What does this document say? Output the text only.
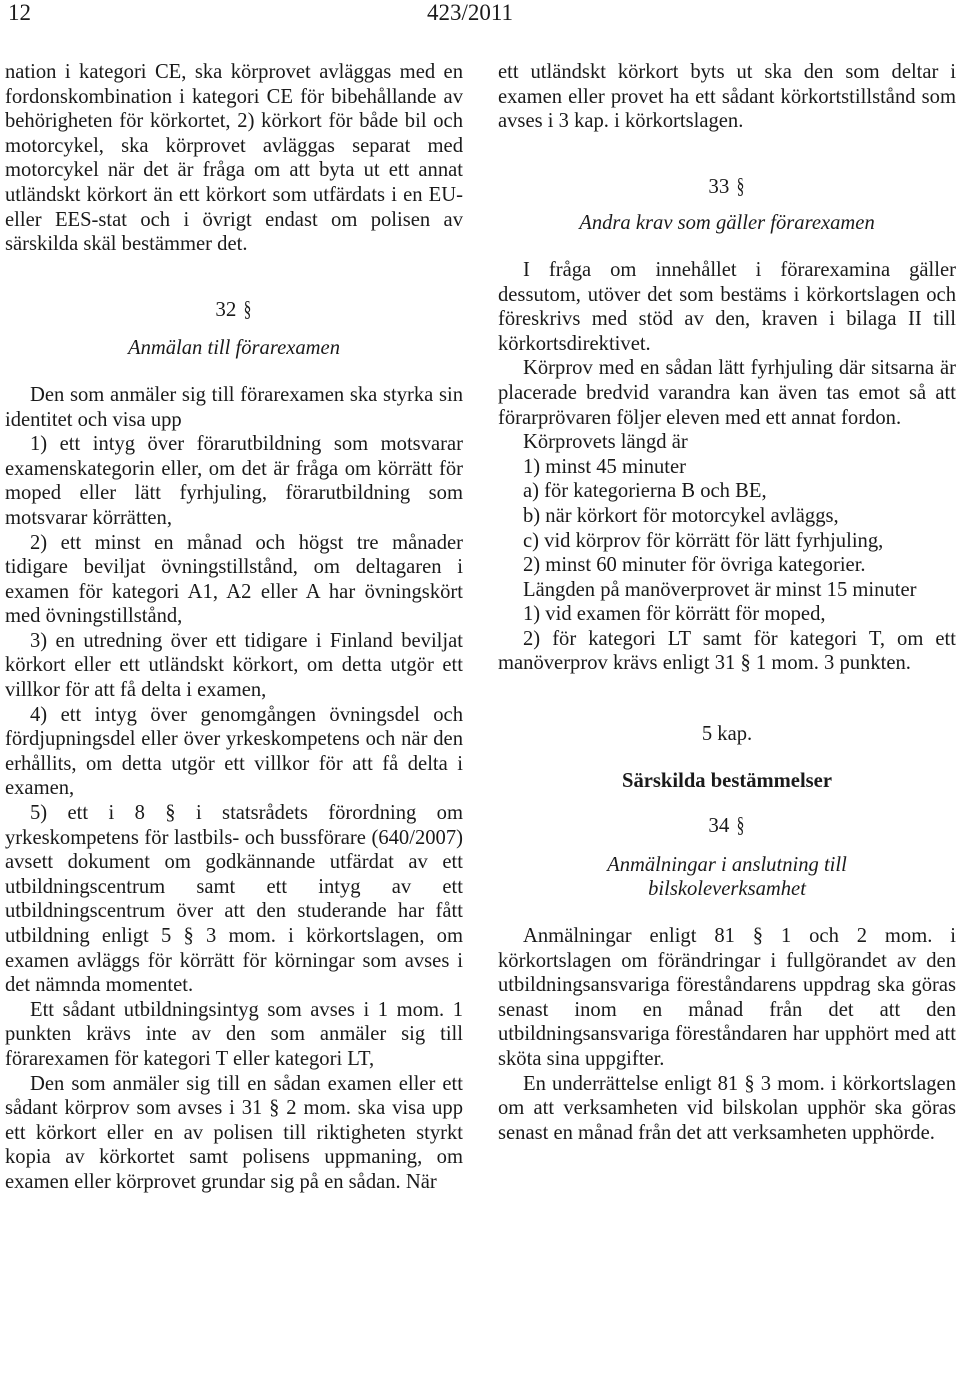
12	423/2011

nation i kategori CE, ska körprovet avläggas med en fordonskombination i kategori CE för bibehållande av behörigheten för körkortet, 2) körkort för både bil och motorcykel, ska körprovet avläggas separat med motorcykel när det är fråga om att byta ut ett annat utländskt körkort än ett körkort som utfärdats i en EU- eller EES-stat och i övrigt endast om polisen av särskilda skäl bestämmer det.

32 §
Anmälan till förarexamen

Den som anmäler sig till förarexamen ska styrka sin identitet och visa upp

1) ett intyg över förarutbildning som motsvarar examenskategorin eller, om det är fråga om körrätt för moped eller lätt fyrhjuling, förarutbildning som motsvarar körrätten,

2) ett minst en månad och högst tre månader tidigare beviljat övningstillstånd, om deltagaren i examen för kategori A1, A2 eller A har övningskört med övningstillstånd,

3) en utredning över ett tidigare i Finland beviljat körkort eller ett utländskt körkort, om detta utgör ett villkor för att få delta i examen,

4) ett intyg över genomgången övningsdel och fördjupningsdel eller över yrkeskompetens och när den erhållits, om detta utgör ett villkor för att få delta i examen,

5) ett i 8 § i statsrådets förordning om yrkeskompetens för lastbils- och bussförare (640/2007) avsett dokument om godkännande utfärdat av ett utbildningscentrum samt ett intyg av ett utbildningscentrum över att den studerande har fått utbildning enligt 5 § 3 mom. i körkortslagen, om examen avläggs för körrätt för körningar som avses i det nämnda momentet.

Ett sådant utbildningsintyg som avses i 1 mom. 1 punkten krävs inte av den som anmäler sig till förarexamen för kategori T eller kategori LT,

Den som anmäler sig till en sådan examen eller ett sådant körprov som avses i 31 § 2 mom. ska visa upp ett körkort eller en av polisen till riktigheten styrkt kopia av körkortet samt polisens uppmaning, om examen eller körprovet grundar sig på en sådan. När

ett utländskt körkort byts ut ska den som deltar i examen eller provet ha ett sådant körkortstillstånd som avses i 3 kap. i körkortslagen.

33 §
Andra krav som gäller förarexamen

I fråga om innehållet i förarexamina gäller dessutom, utöver det som bestäms i körkortslagen och föreskrivs med stöd av den, kraven i bilaga II till körkortsdirektivet.

Körprov med en sådan lätt fyrhjuling där sitsarna är placerade bredvid varandra kan även tas emot så att förarprövaren följer eleven med ett annat fordon.

Körprovets längd är

1) minst 45 minuter

a) för kategorierna B och BE,

b) när körkort för motorcykel avläggs,

c) vid körprov för körrätt för lätt fyrhjuling,

2) minst 60 minuter för övriga kategorier.

Längden på manöverprovet är minst 15 minuter

1) vid examen för körrätt för moped,

2) för kategori LT samt för kategori T, om ett manöverprov krävs enligt 31 § 1 mom. 3 punkten.

5 kap.
Särskilda bestämmelser
34 §
Anmälningar i anslutning till
bilskoleverksamhet

Anmälningar enligt 81 § 1 och 2 mom. i körkortslagen om förändringar i fullgörandet av den utbildningsansvariga föreståndarens uppdrag ska göras senast inom en månad från det att den utbildningsansvariga föreståndaren har upphört med att sköta sina uppgifter.

En underrättelse enligt 81 § 3 mom. i körkortslagen om att verksamheten vid bilskolan upphör ska göras senast en månad från det att verksamheten upphörde.
